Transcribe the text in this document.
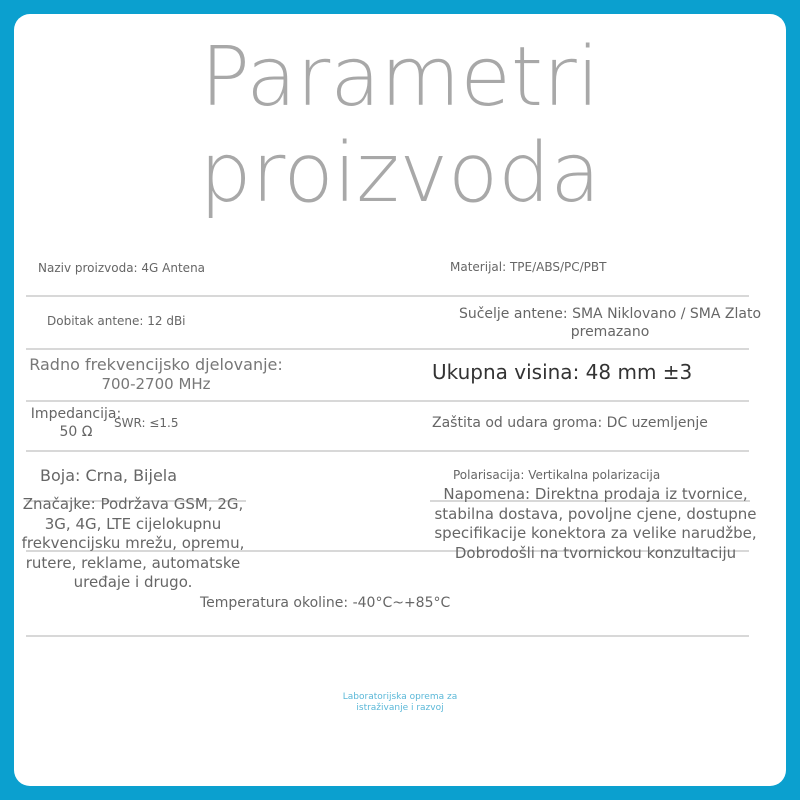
Parametri
proizvoda
Naziv proizvoda: 4G Antena	Materijal: TPE/ABS/PC/PBT
Dobitak antene: 12 dBi	Sučelje antene: SMA Niklovano / SMA Zlato premazano
Radno frekvencijsko djelovanje:
700-2700 MHz	Ukupna visina: 48 mm ±3
Impedancija:
50 Ω
SWR: ≤1.5	Zaštita od udara groma: DC uzemljenje
Boja: Crna, Bijela	Polarisacija: Vertikalna polarizacija
Značajke: Podržava GSM, 2G, 3G, 4G, LTE cijelokupnu frekvencijsku mrežu, opremu, rutere, reklame, automatske uređaje i drugo.
Napomena: Direktna prodaja iz tvornice, stabilna dostava, povoljne cjene, dostupne specifikacije konektora za velike narudžbe, Dobrodošli na tvornickou konzultaciju
Temperatura okoline: -40°C~+85°C
Laboratorijska oprema za
istraživanje i razvoj
